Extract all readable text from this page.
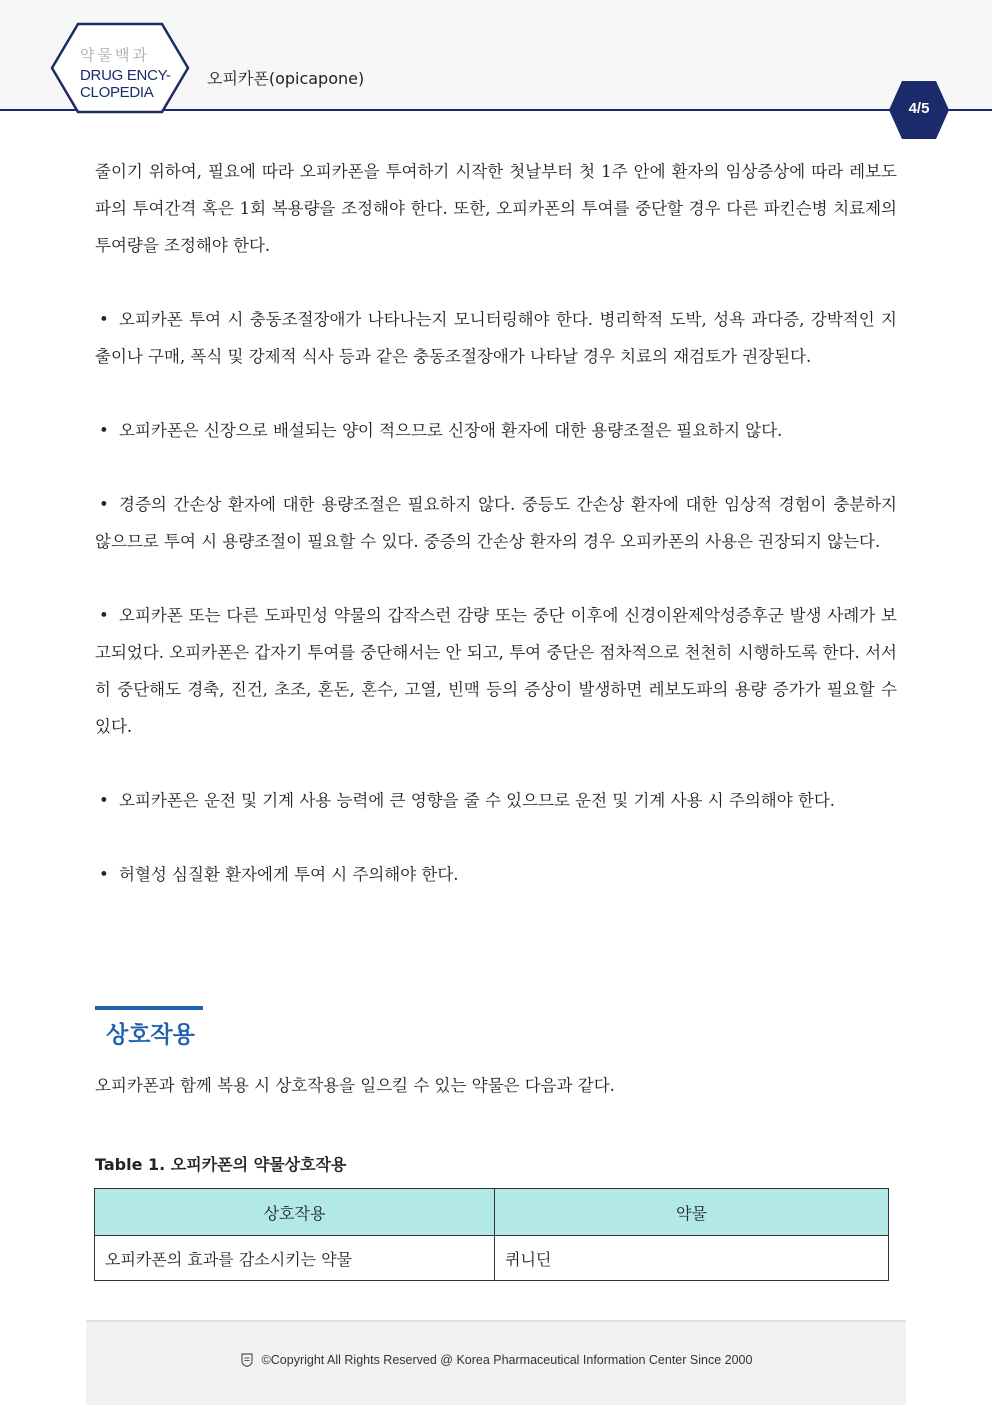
약물백과
DRUG ENCY-
CLOPEDIA
오피카폰(opicapone)
4/5

줄이기 위하여, 필요에 따라 오피카폰을 투여하기 시작한 첫날부터 첫 1주 안에 환자의 임상증상에 따라 레보도파의 투여간격 혹은 1회 복용량을 조정해야 한다. 또한, 오피카폰의 투여를 중단할 경우 다른 파킨슨병 치료제의 투여량을 조정해야 한다.

• 오피카폰 투여 시 충동조절장애가 나타나는지 모니터링해야 한다. 병리학적 도박, 성욕 과다증, 강박적인 지출이나 구매, 폭식 및 강제적 식사 등과 같은 충동조절장애가 나타날 경우 치료의 재검토가 권장된다.

• 오피카폰은 신장으로 배설되는 양이 적으므로 신장애 환자에 대한 용량조절은 필요하지 않다.

• 경증의 간손상 환자에 대한 용량조절은 필요하지 않다. 중등도 간손상 환자에 대한 임상적 경험이 충분하지 않으므로 투여 시 용량조절이 필요할 수 있다. 중증의 간손상 환자의 경우 오피카폰의 사용은 권장되지 않는다.

• 오피카폰 또는 다른 도파민성 약물의 갑작스런 감량 또는 중단 이후에 신경이완제악성증후군 발생 사례가 보고되었다. 오피카폰은 갑자기 투여를 중단해서는 안 되고, 투여 중단은 점차적으로 천천히 시행하도록 한다. 서서히 중단해도 경축, 진건, 초조, 혼돈, 혼수, 고열, 빈맥 등의 증상이 발생하면 레보도파의 용량 증가가 필요할 수 있다.

• 오피카폰은 운전 및 기계 사용 능력에 큰 영향을 줄 수 있으므로 운전 및 기계 사용 시 주의해야 한다.

• 허혈성 심질환 환자에게 투여 시 주의해야 한다.

상호작용
오피카폰과 함께 복용 시 상호작용을 일으킬 수 있는 약물은 다음과 같다.
Table 1. 오피카폰의 약물상호작용
상호작용	약물
오피카폰의 효과를 감소시키는 약물	퀴니딘
©Copyright All Rights Reserved @ Korea Pharmaceutical Information Center Since 2000
